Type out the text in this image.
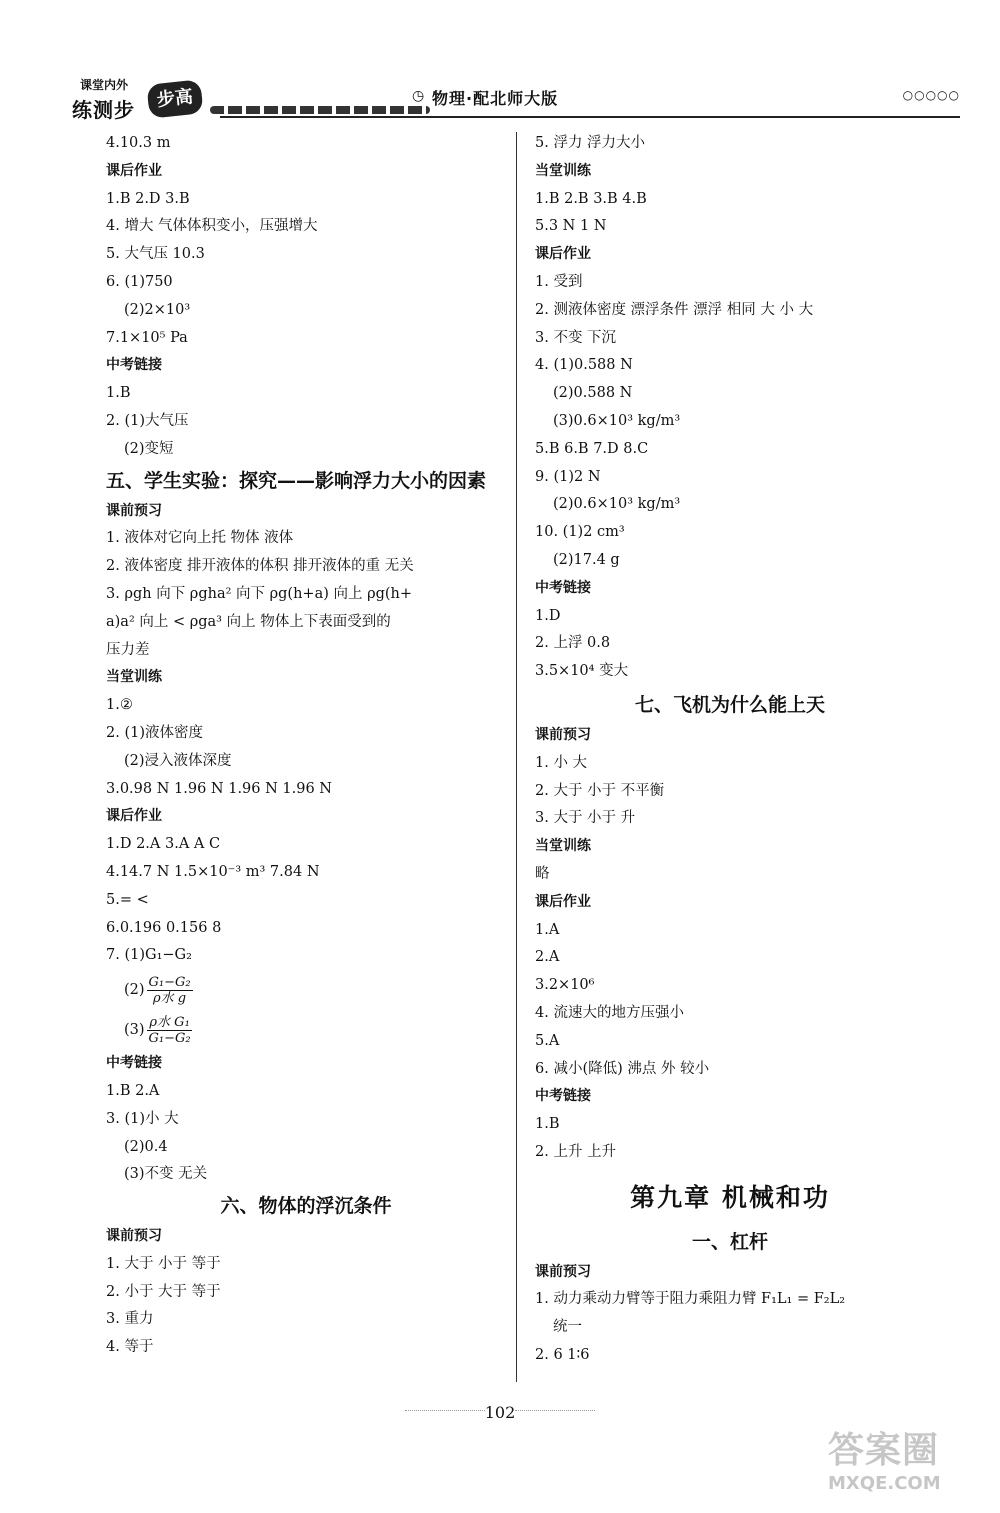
课堂内外
练测步	步高	◷ 物理·配北师大版	○○○○○
4.10.3 m
课后作业
1.B 2.D 3.B
4. 增大 气体体积变小，压强增大
5. 大气压 10.3
6. (1)750
(2)2×10³
7.1×10⁵ Pa
中考链接
1.B
2. (1)大气压
(2)变短
五、学生实验：探究——影响浮力大小的因素
课前预习
1. 液体对它向上托 物体 液体
2. 液体密度 排开液体的体积 排开液体的重 无关
3. ρgh 向下 ρgha² 向下 ρg(h+a) 向上 ρg(h+
a)a² 向上 < ρga³ 向上 物体上下表面受到的
压力差
当堂训练
1.②
2. (1)液体密度
(2)浸入液体深度
3.0.98 N 1.96 N 1.96 N 1.96 N
课后作业
1.D 2.A 3.A A C
4.14.7 N 1.5×10⁻³ m³ 7.84 N
5.= <
6.0.196 0.156 8
7. (1)G₁−G₂
$(2) \frac{\text{G₁−G₂}}{\text{ρ水 g}}$
$(3) \frac{\text{ρ水 G₁}}{\text{G₁−G₂}}$
中考链接
1.B 2.A
3. (1)小 大
(2)0.4
(3)不变 无关
六、物体的浮沉条件
课前预习
1. 大于 小于 等于
2. 小于 大于 等于
3. 重力
4. 等于
5. 浮力 浮力大小
当堂训练
1.B 2.B 3.B 4.B
5.3 N 1 N
课后作业
1. 受到
2. 测液体密度 漂浮条件 漂浮 相同 大 小 大
3. 不变 下沉
4. (1)0.588 N
(2)0.588 N
(3)0.6×10³ kg/m³
5.B 6.B 7.D 8.C
9. (1)2 N
(2)0.6×10³ kg/m³
10. (1)2 cm³
(2)17.4 g
中考链接
1.D
2. 上浮 0.8
3.5×10⁴ 变大
七、飞机为什么能上天
课前预习
1. 小 大
2. 大于 小于 不平衡
3. 大于 小于 升
当堂训练
略
课后作业
1.A
2.A
3.2×10⁶
4. 流速大的地方压强小
5.A
6. 减小(降低) 沸点 外 较小
中考链接
1.B
2. 上升 上升
第九章 机械和功
一、杠杆
课前预习
1. 动力乘动力臂等于阻力乘阻力臂 F₁L₁ = F₂L₂
统一
2. 6 1∶6
102
答案圈
MXQE.COM
